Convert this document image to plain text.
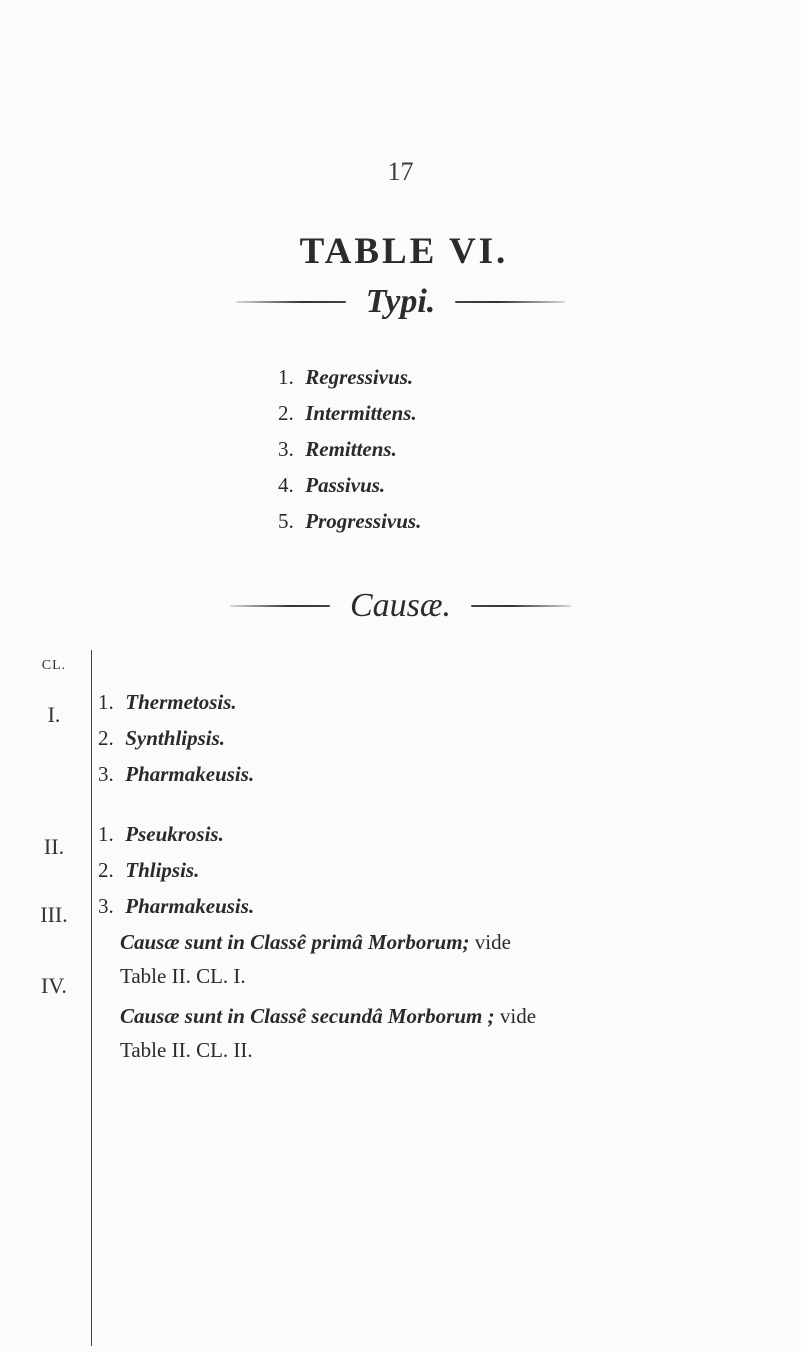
17
TABLE VI.
Typi.
1. Regressivus.
2. Intermittens.
3. Remittens.
4. Passivus.
5. Progressivus.
Causæ.
CL.
I.
II.
III.
IV.
1. Thermetosis.
2. Synthlipsis.
3. Pharmakeusis.
1. Pseukrosis.
2. Thlipsis.
3. Pharmakeusis.
Causæ sunt in Classê primâ Morborum; vide
Table II. CL. I.
Causæ sunt in Classê secundâ Morborum ; vide
Table II. CL. II.
